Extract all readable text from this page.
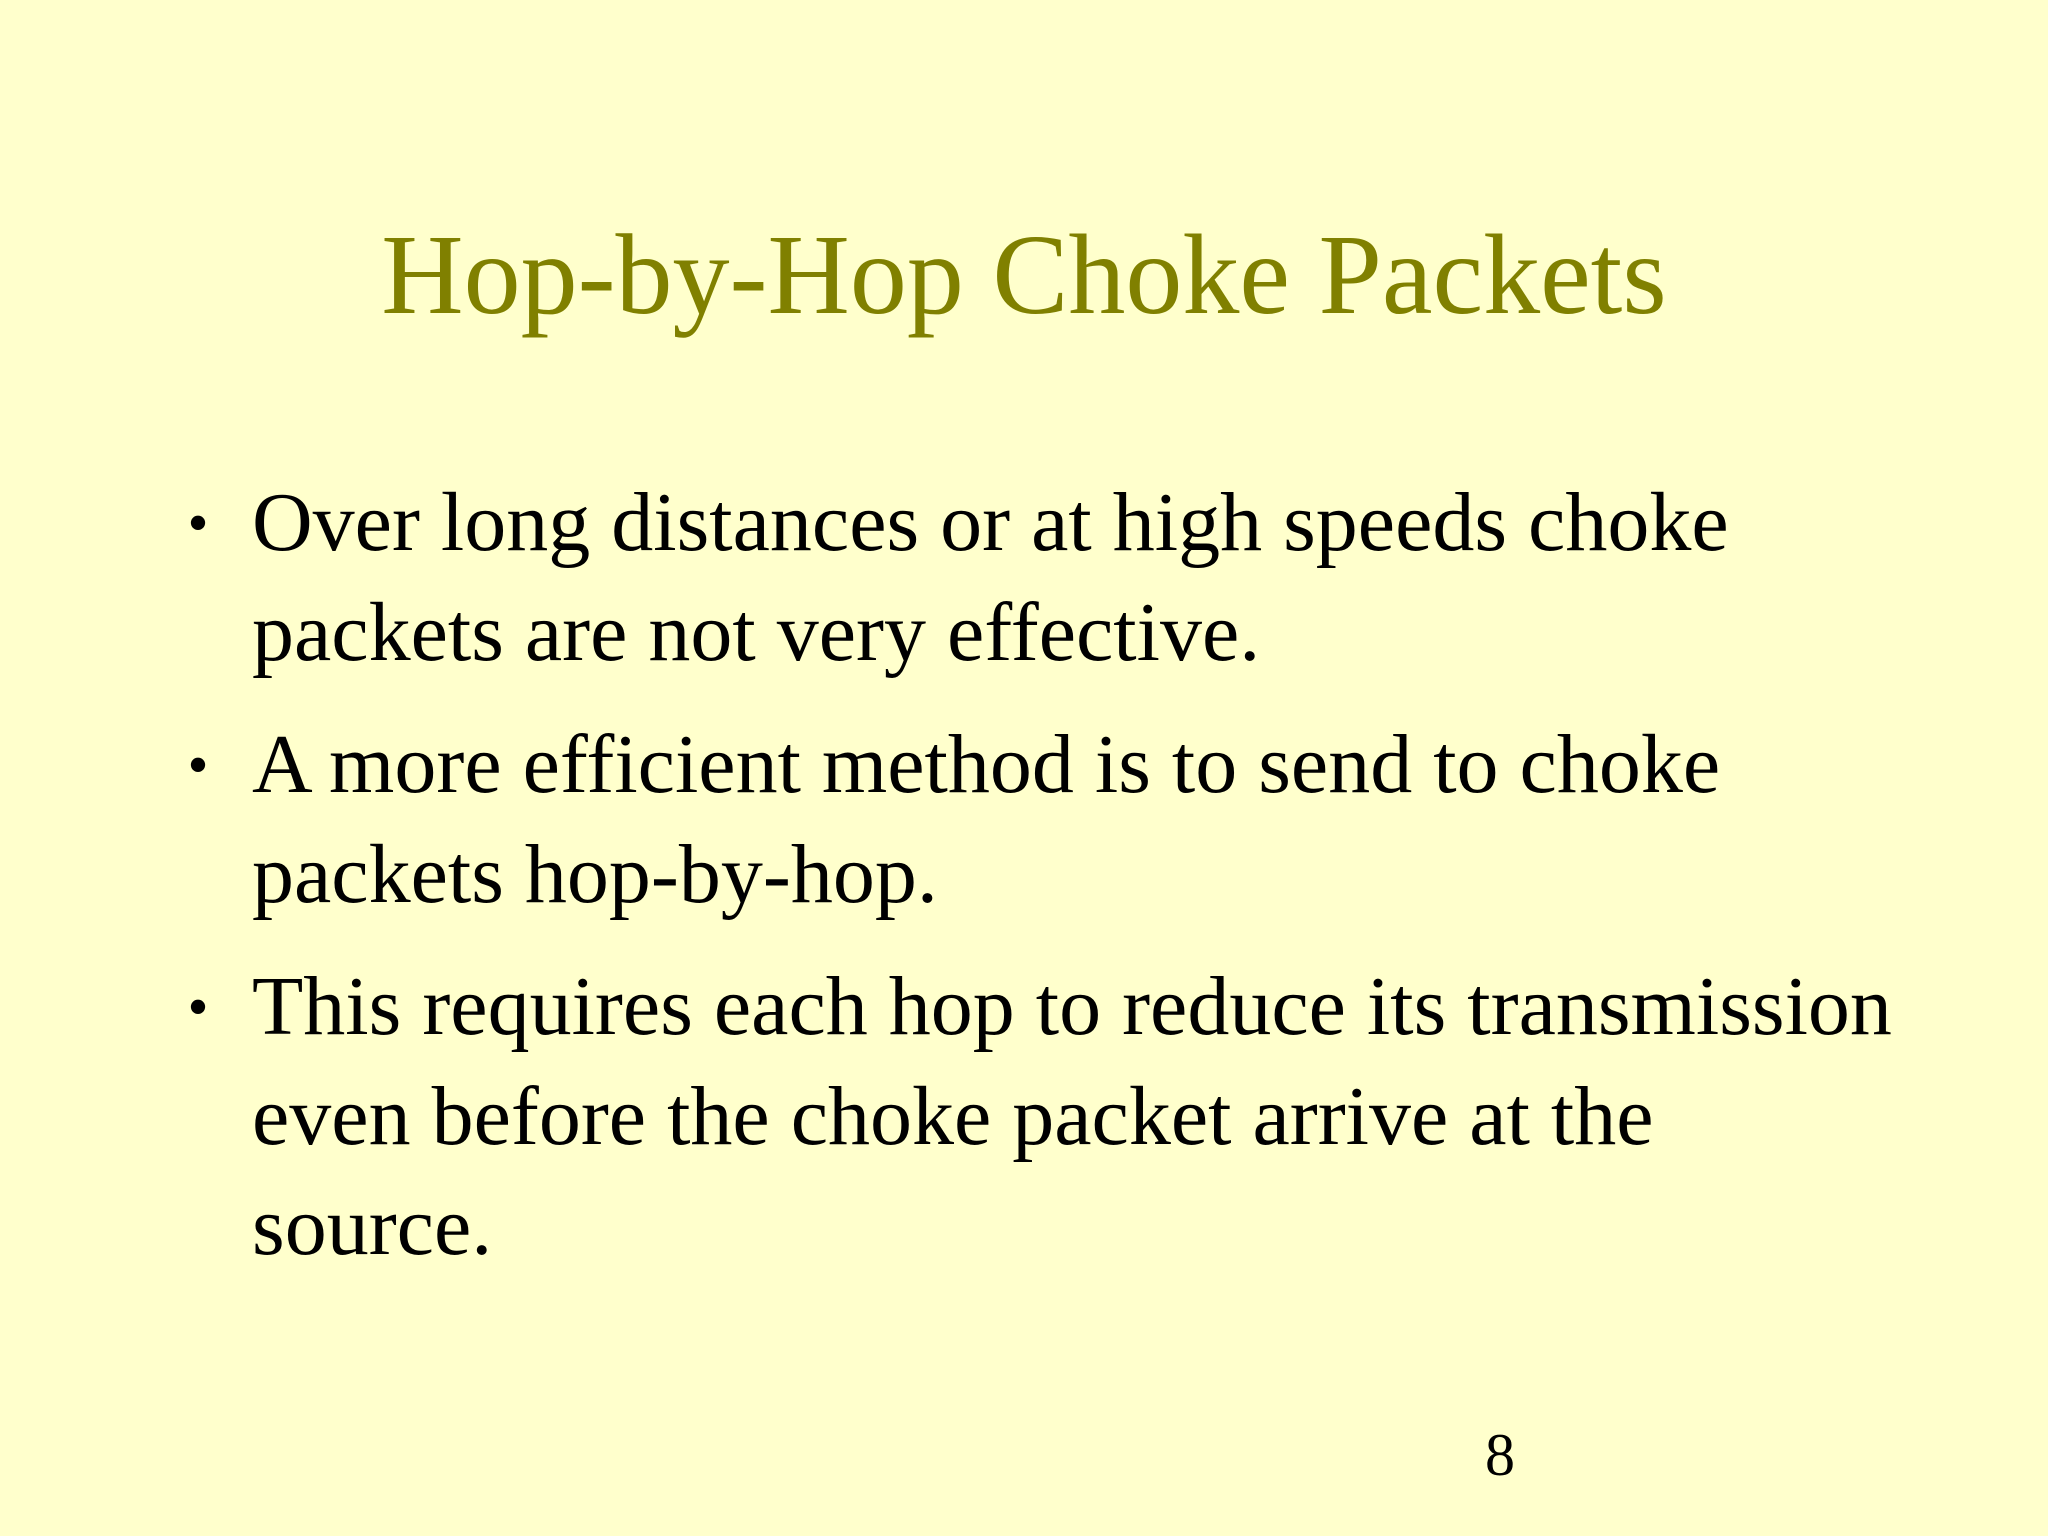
Hop-by-Hop Choke Packets
• Over long distances or at high speeds choke packets are not very effective.
• A more efficient method is to send to choke packets hop-by-hop.
• This requires each hop to reduce its transmission even before the choke packet arrive at the source.
8
